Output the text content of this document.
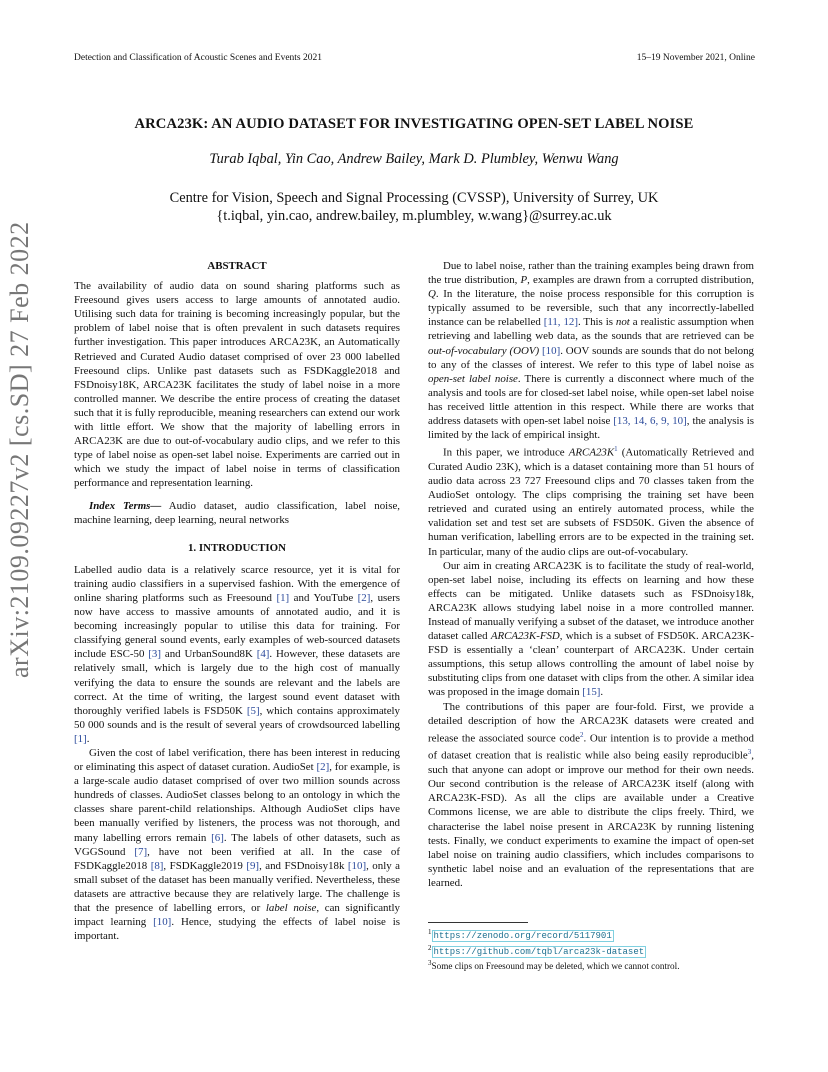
Detection and Classification of Acoustic Scenes and Events 2021	15–19 November 2021, Online
arXiv:2109.09227v2 [cs.SD] 27 Feb 2022
ARCA23K: AN AUDIO DATASET FOR INVESTIGATING OPEN-SET LABEL NOISE
Turab Iqbal, Yin Cao, Andrew Bailey, Mark D. Plumbley, Wenwu Wang
Centre for Vision, Speech and Signal Processing (CVSSP), University of Surrey, UK
{t.iqbal, yin.cao, andrew.bailey, m.plumbley, w.wang}@surrey.ac.uk
ABSTRACT

The availability of audio data on sound sharing platforms such as Freesound gives users access to large amounts of annotated audio. Utilising such data for training is becoming increasingly popular, but the problem of label noise that is often prevalent in such datasets requires further investigation. This paper introduces ARCA23K, an Automatically Retrieved and Curated Audio dataset comprised of over 23 000 labelled Freesound clips. Unlike past datasets such as FSDKaggle2018 and FSDnoisy18K, ARCA23K facilitates the study of label noise in a more controlled manner. We describe the entire process of creating the dataset such that it is fully reproducible, meaning researchers can extend our work with little effort. We show that the majority of labelling errors in ARCA23K are due to out-of-vocabulary audio clips, and we refer to this type of label noise as open-set label noise. Experiments are carried out in which we study the impact of label noise in terms of classification performance and representation learning.

Index Terms— Audio dataset, audio classification, label noise, machine learning, deep learning, neural networks

1. INTRODUCTION

Labelled audio data is a relatively scarce resource, yet it is vital for training audio classifiers in a supervised fashion. With the emergence of online sharing platforms such as Freesound [1] and YouTube [2], users now have access to massive amounts of annotated audio, and it is becoming increasingly popular to utilise this data for training. For classifying general sound events, early examples of web-sourced datasets include ESC-50 [3] and UrbanSound8K [4]. However, these datasets are relatively small, which is largely due to the high cost of manually verifying the data to ensure the sounds are relevant and the labels are correct. At the time of writing, the largest sound event dataset with thoroughly verified labels is FSD50K [5], which contains approximately 50 000 sounds and is the result of several years of crowdsourced labelling [1].

Given the cost of label verification, there has been interest in reducing or eliminating this aspect of dataset curation. AudioSet [2], for example, is a large-scale audio dataset comprised of over two million sounds across hundreds of classes. AudioSet classes belong to an ontology in which the classes share parent-child relationships. Although AudioSet clips have been manually verified by listeners, the process was not thorough, and many labelling errors remain [6]. The labels of other datasets, such as VGGSound [7], have not been verified at all. In the case of FSDKaggle2018 [8], FSDKaggle2019 [9], and FSDnoisy18k [10], only a small subset of the dataset has been manually verified. Nevertheless, these datasets are attractive because they are relatively large. The challenge is that the presence of labelling errors, or label noise, can significantly impact learning [10]. Hence, studying the effects of label noise is important.

Due to label noise, rather than the training examples being drawn from the true distribution, P, examples are drawn from a corrupted distribution, Q. In the literature, the noise process responsible for this corruption is typically assumed to be reversible, such that any incorrectly-labelled instance can be relabelled [11, 12]. This is not a realistic assumption when retrieving and labelling web data, as the sounds that are retrieved can be out-of-vocabulary (OOV) [10]. OOV sounds are sounds that do not belong to any of the classes of interest. We refer to this type of label noise as open-set label noise. There is currently a disconnect where much of the analysis and tools are for closed-set label noise, while open-set label noise has received little attention in this respect. While there are works that address datasets with open-set label noise [13, 14, 6, 9, 10], the analysis is limited by the lack of empirical insight.

In this paper, we introduce ARCA23K$^1$ (Automatically Retrieved and Curated Audio 23K), which is a dataset containing more than 51 hours of audio data across 23 727 Freesound clips and 70 classes taken from the AudioSet ontology. The clips comprising the training set have been retrieved and curated using an entirely automated process, while the validation set and test set are subsets of FSD50K. Given the absence of human verification, labelling errors are to be expected in the training set. In particular, many of the audio clips are out-of-vocabulary.

Our aim in creating ARCA23K is to facilitate the study of real-world, open-set label noise, including its effects on learning and how these effects can be mitigated. Unlike datasets such as FSDnoisy18k, ARCA23K allows studying label noise in a more controlled manner. Instead of manually verifying a subset of the dataset, we introduce another dataset called ARCA23K-FSD, which is a subset of FSD50K. ARCA23K-FSD is essentially a ‘clean’ counterpart of ARCA23K. Under certain assumptions, this setup allows controlling the amount of label noise by substituting clips from one dataset with clips from the other. A similar idea was proposed in the image domain [15].

The contributions of this paper are four-fold. First, we provide a detailed description of how the ARCA23K datasets were created and release the associated source code$^2$. Our intention is to provide a method of dataset creation that is realistic while also being easily reproducible$^3$, such that anyone can adopt or improve our method for their own needs. Our second contribution is the release of ARCA23K itself (along with ARCA23K-FSD). As all the clips are available under a Creative Commons license, we are able to distribute the clips freely. Third, we characterise the label noise present in ARCA23K by running listening tests. Finally, we conduct experiments to examine the impact of open-set label noise on training audio classifiers, which includes comparisons to synthetic label noise and an evaluation of the representations that are learned.

$^1$ https://zenodo.org/record/5117901
$^2$ https://github.com/tqbl/arca23k-dataset
$^3$Some clips on Freesound may be deleted, which we cannot control.
